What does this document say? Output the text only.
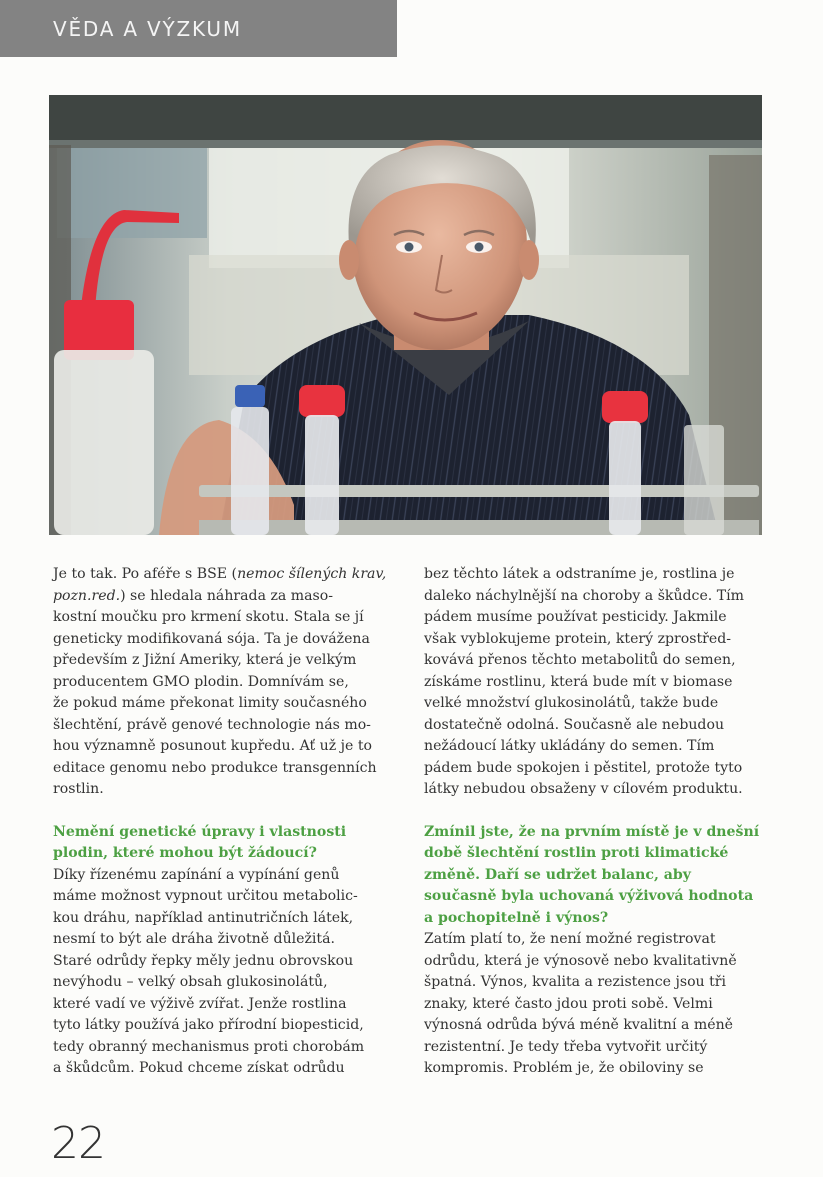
VĚDA A VÝZKUM

Je to tak. Po aféře s BSE (nemoc šílených krav,
pozn.red.) se hledala náhrada za maso-
kostní moučku pro krmení skotu. Stala se jí
geneticky modifikovaná sója. Ta je dovážena
především z Jižní Ameriky, která je velkým
producentem GMO plodin. Domnívám se,
že pokud máme překonat limity současného
šlechtění, právě genové technologie nás mo-
hou významně posunout kupředu. Ať už je to
editace genomu nebo produkce transgenních
rostlin.

Nemění genetické úpravy i vlastnosti
plodin, které mohou být žádoucí?

Díky řízenému zapínání a vypínání genů
máme možnost vypnout určitou metabolic-
kou dráhu, například antinutričních látek,
nesmí to být ale dráha životně důležitá.
Staré odrůdy řepky měly jednu obrovskou
nevýhodu – velký obsah glukosinolátů,
které vadí ve výživě zvířat. Jenže rostlina
tyto látky používá jako přírodní biopesticid,
tedy obranný mechanismus proti chorobám
a škůdcům. Pokud chceme získat odrůdu

bez těchto látek a odstraníme je, rostlina je
daleko náchylnější na choroby a škůdce. Tím
pádem musíme používat pesticidy. Jakmile
však vyblokujeme protein, který zprostřed-
kovává přenos těchto metabolitů do semen,
získáme rostlinu, která bude mít v biomase
velké množství glukosinolátů, takže bude
dostatečně odolná. Současně ale nebudou
nežádoucí látky ukládány do semen. Tím
pádem bude spokojen i pěstitel, protože tyto
látky nebudou obsaženy v cílovém produktu.

Zmínil jste, že na prvním místě je v dnešní
době šlechtění rostlin proti klimatické
změně. Daří se udržet balanc, aby
současně byla uchovaná výživová hodnota
a pochopitelně i výnos?

Zatím platí to, že není možné registrovat
odrůdu, která je výnosově nebo kvalitativně
špatná. Výnos, kvalita a rezistence jsou tři
znaky, které často jdou proti sobě. Velmi
výnosná odrůda bývá méně kvalitní a méně
rezistentní. Je tedy třeba vytvořit určitý
kompromis. Problém je, že obiloviny se

22
